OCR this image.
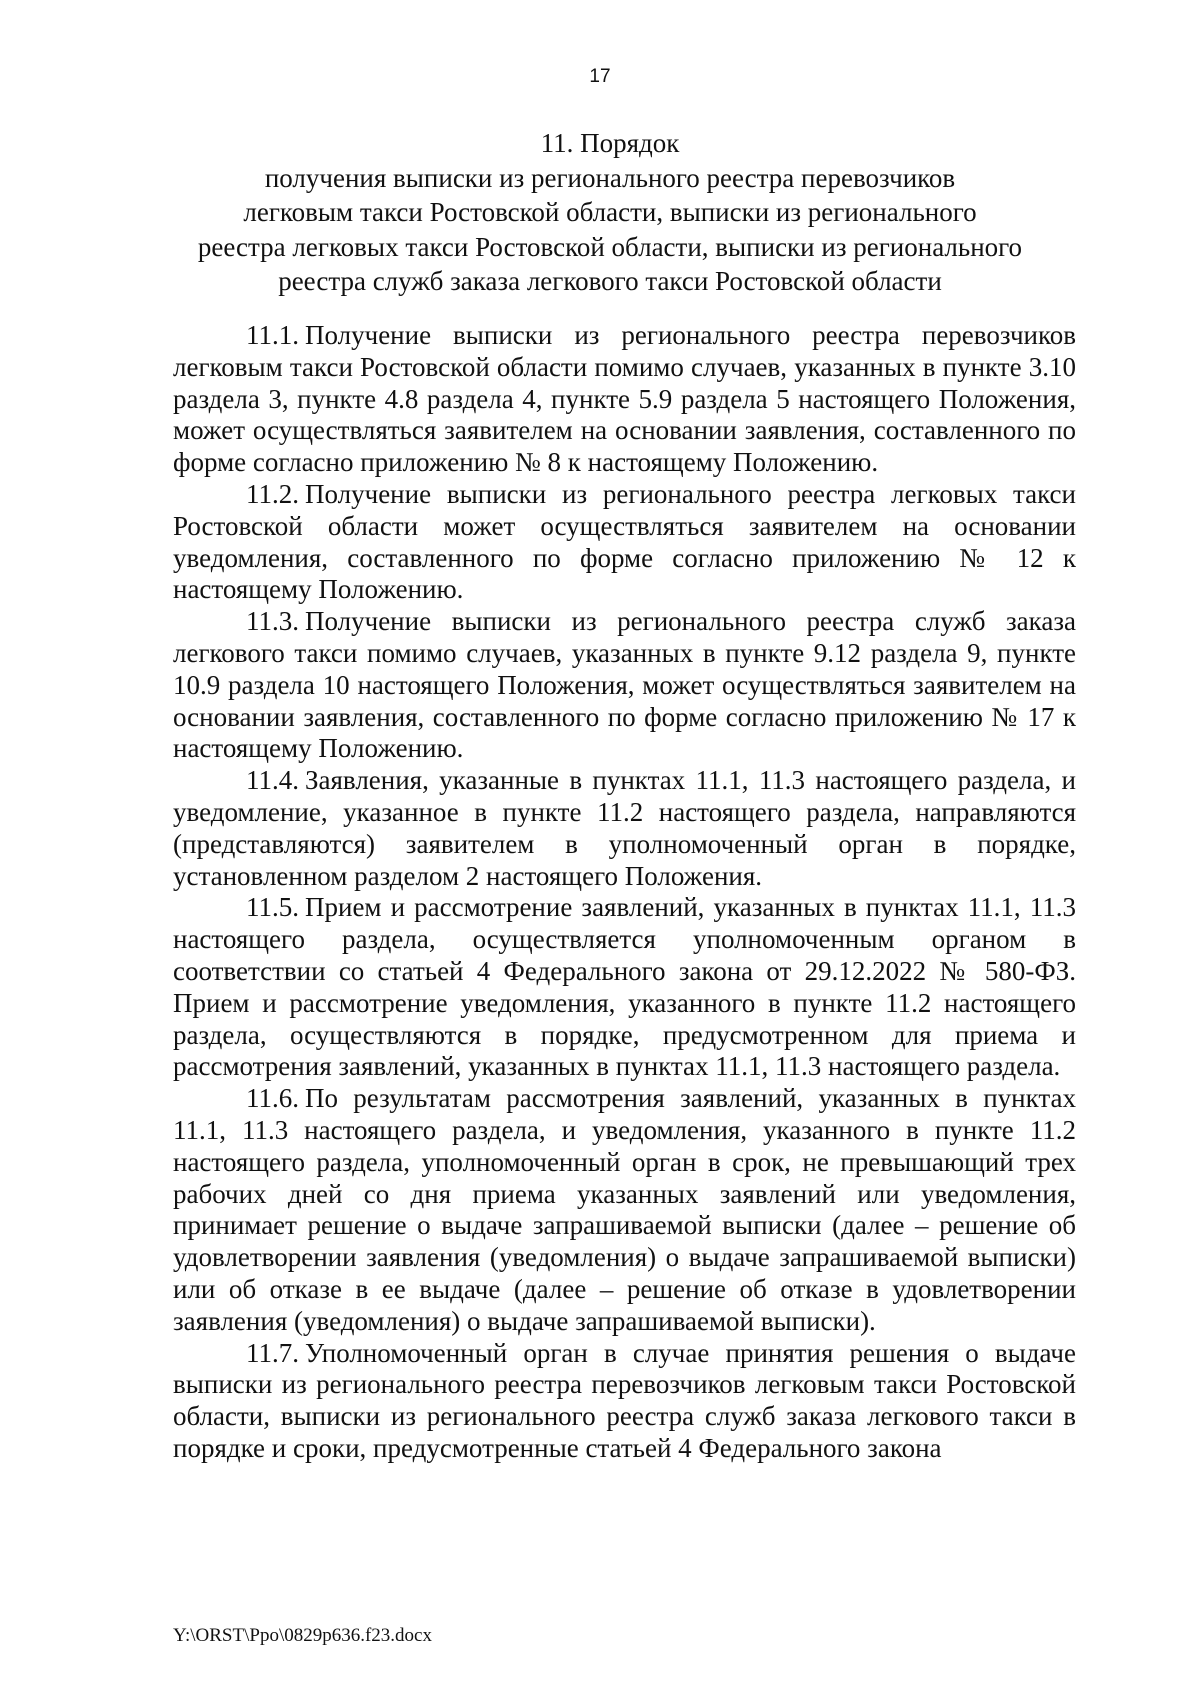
17
11. Порядок
получения выписки из регионального реестра перевозчиков
легковым такси Ростовской области, выписки из регионального
реестра легковых такси Ростовской области, выписки из регионального
реестра служб заказа легкового такси Ростовской области

11.1. Получение выписки из регионального реестра перевозчиков легковым такси Ростовской области помимо случаев, указанных в пункте 3.10 раздела 3, пункте 4.8 раздела 4, пункте 5.9 раздела 5 настоящего Положения, может осуществляться заявителем на основании заявления, составленного по форме согласно приложению № 8 к настоящему Положению.

11.2. Получение выписки из регионального реестра легковых такси Ростовской области может осуществляться заявителем на основании уведомления, составленного по форме согласно приложению № 12 к настоящему Положению.

11.3. Получение выписки из регионального реестра служб заказа легкового такси помимо случаев, указанных в пункте 9.12 раздела 9, пункте 10.9 раздела 10 настоящего Положения, может осуществляться заявителем на основании заявления, составленного по форме согласно приложению № 17 к настоящему Положению.

11.4. Заявления, указанные в пунктах 11.1, 11.3 настоящего раздела, и уведомление, указанное в пункте 11.2 настоящего раздела, направляются (представляются) заявителем в уполномоченный орган в порядке, установленном разделом 2 настоящего Положения.

11.5. Прием и рассмотрение заявлений, указанных в пунктах 11.1, 11.3 настоящего раздела, осуществляется уполномоченным органом в соответствии со статьей 4 Федерального закона от 29.12.2022 № 580-ФЗ. Прием и рассмотрение уведомления, указанного в пункте 11.2 настоящего раздела, осуществляются в порядке, предусмотренном для приема и рассмотрения заявлений, указанных в пунктах 11.1, 11.3 настоящего раздела.

11.6. По результатам рассмотрения заявлений, указанных в пунктах 11.1, 11.3 настоящего раздела, и уведомления, указанного в пункте 11.2 настоящего раздела, уполномоченный орган в срок, не превышающий трех рабочих дней со дня приема указанных заявлений или уведомления, принимает решение о выдаче запрашиваемой выписки (далее – решение об удовлетворении заявления (уведомления) о выдаче запрашиваемой выписки) или об отказе в ее выдаче (далее – решение об отказе в удовлетворении заявления (уведомления) о выдаче запрашиваемой выписки).

11.7. Уполномоченный орган в случае принятия решения о выдаче выписки из регионального реестра перевозчиков легковым такси Ростовской области, выписки из регионального реестра служб заказа легкового такси в порядке и сроки, предусмотренные статьей 4 Федерального закона

Y:\ORST\Ppo\0829p636.f23.docx
